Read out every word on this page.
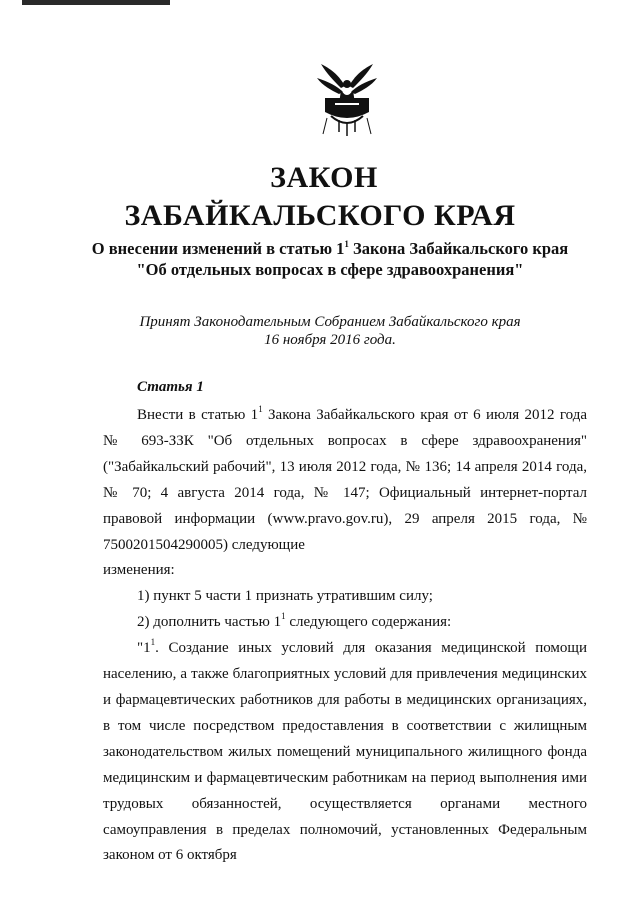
ЗАКОН
ЗАБАЙКАЛЬСКОГО КРАЯ
О внесении изменений в статью $1^1$ Закона Забайкальского края
"Об отдельных вопросах в сфере здравоохранения"
Принят Законодательным Собранием Забайкальского края
16 ноября 2016 года.
Статья 1

Внести в статью $1^1$ Закона Забайкальского края от 6 июля 2012 года № 693-ЗЗК "Об отдельных вопросах в сфере здравоохранения" ("Забайкальский рабочий", 13 июля 2012 года, № 136; 14 апреля 2014 года, № 70; 4 августа 2014 года, № 147; Официальный интернет-портал правовой информации (www.pravo.gov.ru), 29 апреля 2015 года, № 7500201504290005) следующие

изменения:

1) пункт 5 части 1 признать утратившим силу;

2) дополнить частью $1^1$ следующего содержания:

"$1^1$. Создание иных условий для оказания медицинской помощи населению, а также благоприятных условий для привлечения медицинских и фармацевтических работников для работы в медицинских организациях, в том числе посредством предоставления в соответствии с жилищным законодательством жилых помещений муниципального жилищного фонда медицинским и фармацевтическим работникам на период выполнения ими трудовых обязанностей, осуществляется органами местного самоуправления в пределах полномочий, установленных Федеральным законом от 6 октября
